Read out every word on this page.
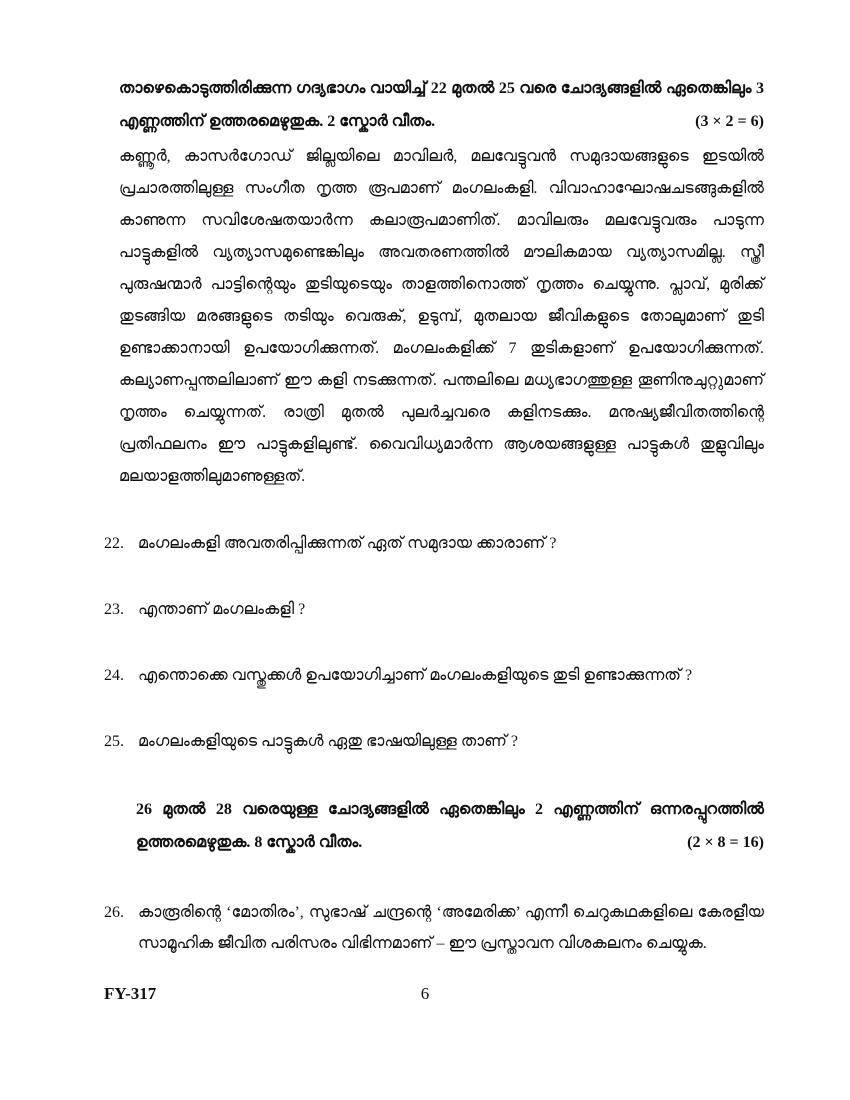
താഴെകൊടുത്തിരിക്കുന്ന ഗദ്യഭാഗം വായിച്ച് 22 മുതൽ 25 വരെ ചോദ്യങ്ങളിൽ ഏതെങ്കിലും 3 എണ്ണത്തിന് ഉത്തരമെഴുതുക. 2 സ്കോർ വീതം.	(3 × 2 = 6)
കണ്ണൂർ, കാസർഗോഡ് ജില്ലയിലെ മാവിലർ, മലവേട്ടുവൻ സമുദായങ്ങളുടെ ഇടയിൽ പ്രചാരത്തിലുള്ള സംഗീത നൃത്ത രൂപമാണ് മംഗലംകളി. വിവാഹാഘോഷചടങ്ങുകളിൽ കാണുന്ന സവിശേഷതയാർന്ന കലാരൂപമാണിത്. മാവിലരും മലവേട്ടുവരും പാടുന്ന പാട്ടുകളിൽ വ്യത്യാസമുണ്ടെങ്കിലും അവതരണത്തിൽ മൗലികമായ വ്യത്യാസമില്ല. സ്ത്രീ പുരുഷന്മാർ പാട്ടിന്റെയും തുടിയുടെയും താളത്തിനൊത്ത് നൃത്തം ചെയ്യുന്നു. പ്ലാവ്, മുരിക്ക് തുടങ്ങിയ മരങ്ങളുടെ തടിയും വെരുക്, ഉടുമ്പ്, മുതലായ ജീവികളുടെ തോലുമാണ് തുടി ഉണ്ടാക്കാനായി ഉപയോഗിക്കുന്നത്. മംഗലംകളിക്ക് 7 തുടികളാണ് ഉപയോഗിക്കുന്നത്. കല്യാണപ്പന്തലിലാണ് ഈ കളി നടക്കുന്നത്. പന്തലിലെ മധ്യഭാഗത്തുള്ള തൂണിനുചുറ്റുമാണ് നൃത്തം ചെയ്യുന്നത്. രാത്രി മുതൽ പുലർച്ചവരെ കളിനടക്കും. മനുഷ്യജീവിതത്തിന്റെ പ്രതിഫലനം ഈ പാട്ടുകളിലുണ്ട്. വൈവിധ്യമാർന്ന ആശയങ്ങളുള്ള പാട്ടുകൾ തുളുവിലും മലയാളത്തിലുമാണുള്ളത്.
22. മംഗലംകളി അവതരിപ്പിക്കുന്നത് ഏത് സമുദായ ക്കാരാണ് ?
23. എന്താണ് മംഗലംകളി ?
24. എന്തൊക്കെ വസ്തുക്കൾ ഉപയോഗിച്ചാണ് മംഗലംകളിയുടെ തുടി ഉണ്ടാക്കുന്നത് ?
25. മംഗലംകളിയുടെ പാട്ടുകൾ ഏതു ഭാഷയിലുള്ള താണ് ?
26 മുതൽ 28 വരെയുള്ള ചോദ്യങ്ങളിൽ ഏതെങ്കിലും 2 എണ്ണത്തിന് ഒന്നരപ്പുറത്തിൽ ഉത്തരമെഴുതുക. 8 സ്കോർ വീതം.	(2 × 8 = 16)
26. കാരൂരിന്റെ ‘മോതിരം’, സുഭാഷ് ചന്ദ്രന്റെ ‘അമേരിക്ക’ എന്നീ ചെറുകഥകളിലെ കേരളീയ സാമൂഹിക ജീവിത പരിസരം വിഭിന്നമാണ് – ഈ പ്രസ്താവന വിശകലനം ചെയ്യുക.
6
FY-317
